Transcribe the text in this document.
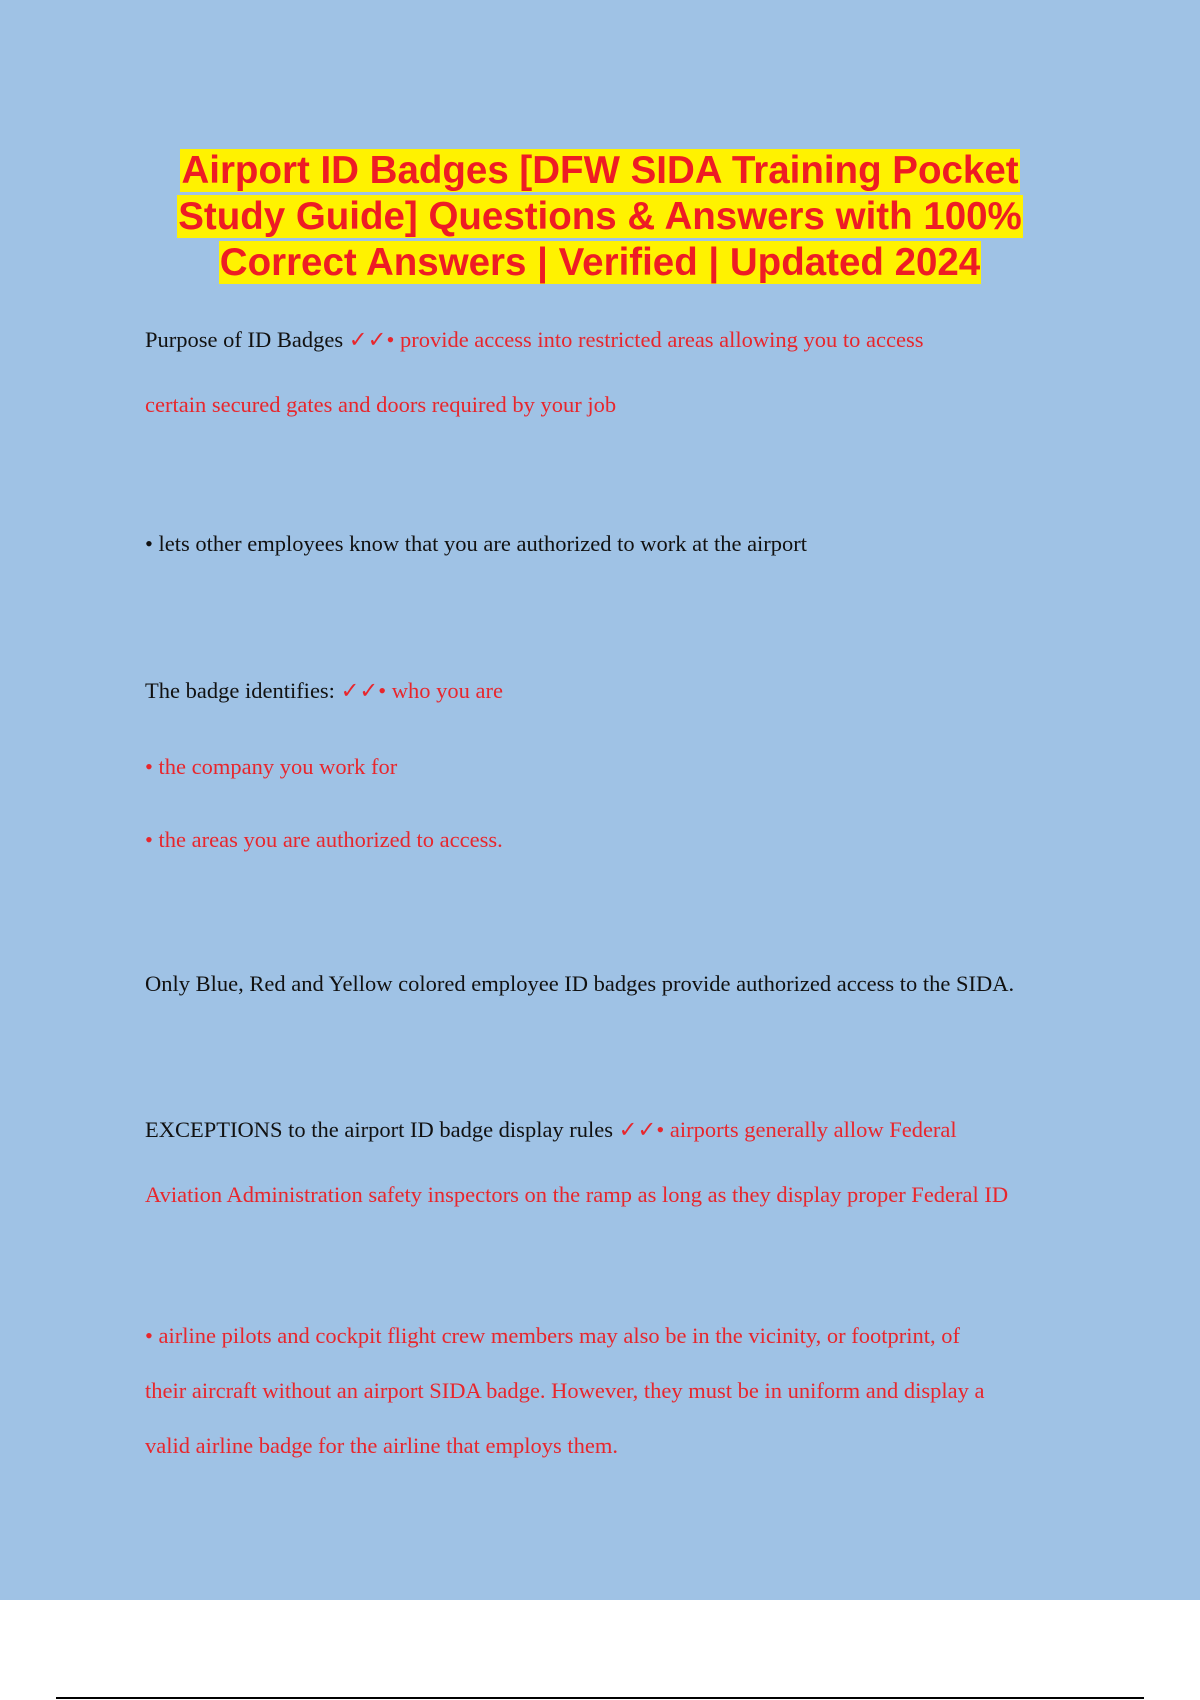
Airport ID Badges [DFW SIDA Training Pocket
Study Guide] Questions & Answers with 100%
Correct Answers | Verified | Updated 2024
Purpose of ID Badges ✓✓• provide access into restricted areas allowing you to access
certain secured gates and doors required by your job
• lets other employees know that you are authorized to work at the airport
The badge identifies: ✓✓• who you are
• the company you work for
• the areas you are authorized to access.
Only Blue, Red and Yellow colored employee ID badges provide authorized access to the SIDA.
EXCEPTIONS to the airport ID badge display rules ✓✓• airports generally allow Federal
Aviation Administration safety inspectors on the ramp as long as they display proper Federal ID
• airline pilots and cockpit flight crew members may also be in the vicinity, or footprint, of
their aircraft without an airport SIDA badge. However, they must be in uniform and display a
valid airline badge for the airline that employs them.
